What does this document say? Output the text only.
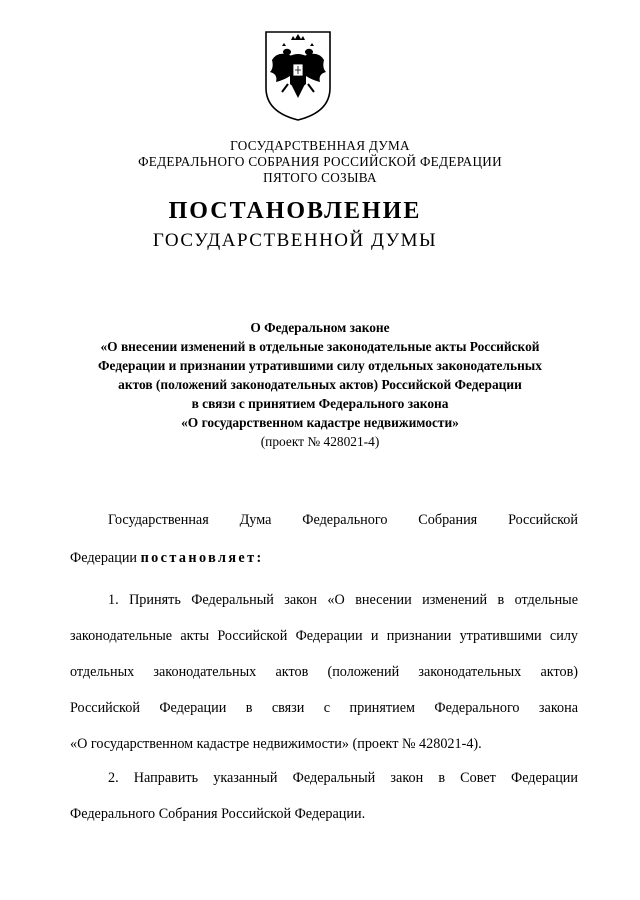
ГОСУДАРСТВЕННАЯ ДУМА
ФЕДЕРАЛЬНОГО СОБРАНИЯ РОССИЙСКОЙ ФЕДЕРАЦИИ
ПЯТОГО СОЗЫВА
ПОСТАНОВЛЕНИЕ
ГОСУДАРСТВЕННОЙ ДУМЫ
О Федеральном законе
«О внесении изменений в отдельные законодательные акты Российской
Федерации и признании утратившими силу отдельных законодательных
актов (положений законодательных актов) Российской Федерации
в связи с принятием Федерального закона
«О государственном кадастре недвижимости»
(проект № 428021-4)
Государственная Дума Федерального Собрания Российской
Федерации постановляет:
1. Принять Федеральный закон «О внесении изменений в отдельные
законодательные акты Российской Федерации и признании утратившими силу
отдельных законодательных актов (положений законодательных актов)
Российской Федерации в связи с принятием Федерального закона
«О государственном кадастре недвижимости» (проект № 428021-4).
2. Направить указанный Федеральный закон в Совет Федерации
Федерального Собрания Российской Федерации.
